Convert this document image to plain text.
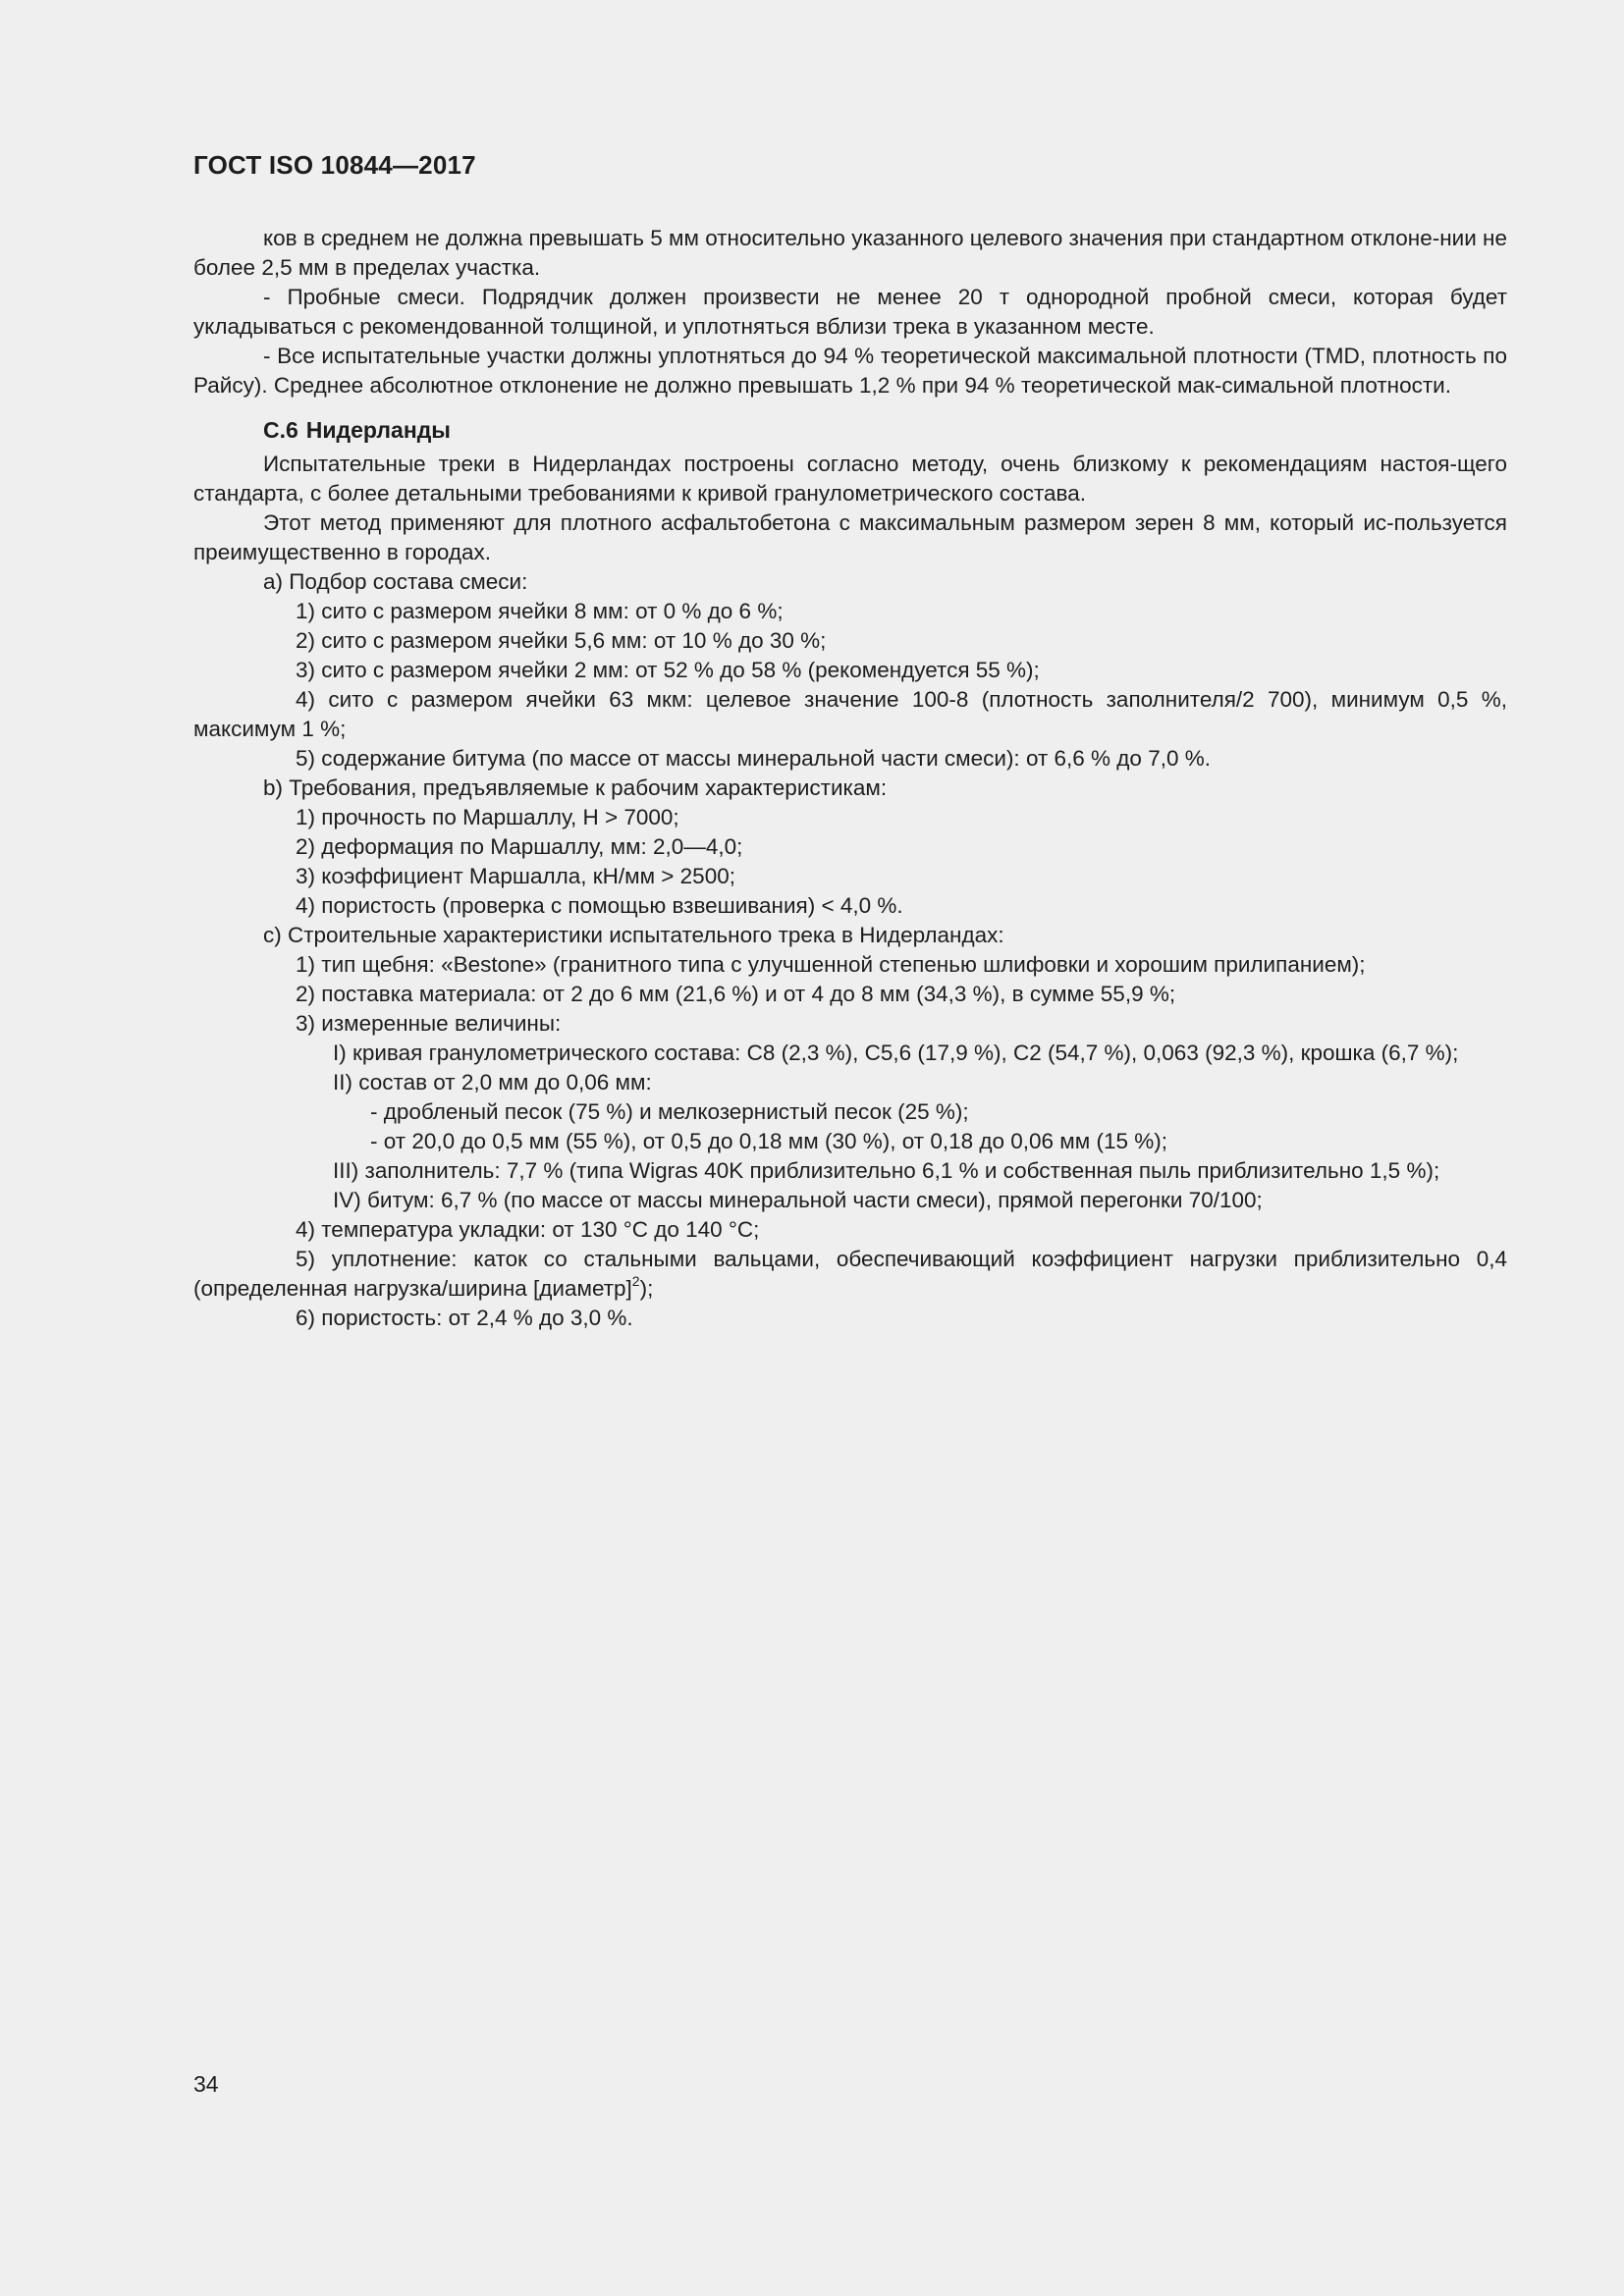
ГОСТ ISO 10844—2017

ков в среднем не должна превышать 5 мм относительно указанного целевого значения при стандартном отклоне-нии не более 2,5 мм в пределах участка.

- Пробные смеси. Подрядчик должен произвести не менее 20 т однородной пробной смеси, которая будет укладываться с рекомендованной толщиной, и уплотняться вблизи трека в указанном месте.

- Все испытательные участки должны уплотняться до 94 % теоретической максимальной плотности (TMD, плотность по Райсу). Среднее абсолютное отклонение не должно превышать 1,2 % при 94 % теоретической мак-симальной плотности.

С.6 Нидерланды

Испытательные треки в Нидерландах построены согласно методу, очень близкому к рекомендациям настоя-щего стандарта, с более детальными требованиями к кривой гранулометрического состава.

Этот метод применяют для плотного асфальтобетона с максимальным размером зерен 8 мм, который ис-пользуется преимущественно в городах.

a) Подбор состава смеси:

1) сито с размером ячейки 8 мм: от 0 % до 6 %;

2) сито с размером ячейки 5,6 мм: от 10 % до 30 %;

3) сито с размером ячейки 2 мм: от 52 % до 58 % (рекомендуется 55 %);

4) сито с размером ячейки 63 мкм: целевое значение 100-8 (плотность заполнителя/2 700), минимум 0,5 %, максимум 1 %;

5) содержание битума (по массе от массы минеральной части смеси): от 6,6 % до 7,0 %.

b) Требования, предъявляемые к рабочим характеристикам:

1) прочность по Маршаллу, Н > 7000;

2) деформация по Маршаллу, мм: 2,0—4,0;

3) коэффициент Маршалла, кН/мм > 2500;

4) пористость (проверка с помощью взвешивания) < 4,0 %.

c) Строительные характеристики испытательного трека в Нидерландах:

1) тип щебня: «Bestone» (гранитного типа с улучшенной степенью шлифовки и хорошим прилипанием);

2) поставка материала: от 2 до 6 мм (21,6 %) и от 4 до 8 мм (34,3 %), в сумме 55,9 %;

3) измеренные величины:

I) кривая гранулометрического состава: С8 (2,3 %), С5,6 (17,9 %), С2 (54,7 %), 0,063 (92,3 %), крошка (6,7 %);

II) состав от 2,0 мм до 0,06 мм:

- дробленый песок (75 %) и мелкозернистый песок (25 %);

- от 20,0 до 0,5 мм (55 %), от 0,5 до 0,18 мм (30 %), от 0,18 до 0,06 мм (15 %);

III) заполнитель: 7,7 % (типа Wigras 40K приблизительно 6,1 % и собственная пыль приблизительно 1,5 %);

IV) битум: 6,7 % (по массе от массы минеральной части смеси), прямой перегонки 70/100;

4) температура укладки: от 130 °С до 140 °С;

5) уплотнение: каток со стальными вальцами, обеспечивающий коэффициент нагрузки приблизительно 0,4 (определенная нагрузка/ширина [диаметр]$^2$);

6) пористость: от 2,4 % до 3,0 %.

34
